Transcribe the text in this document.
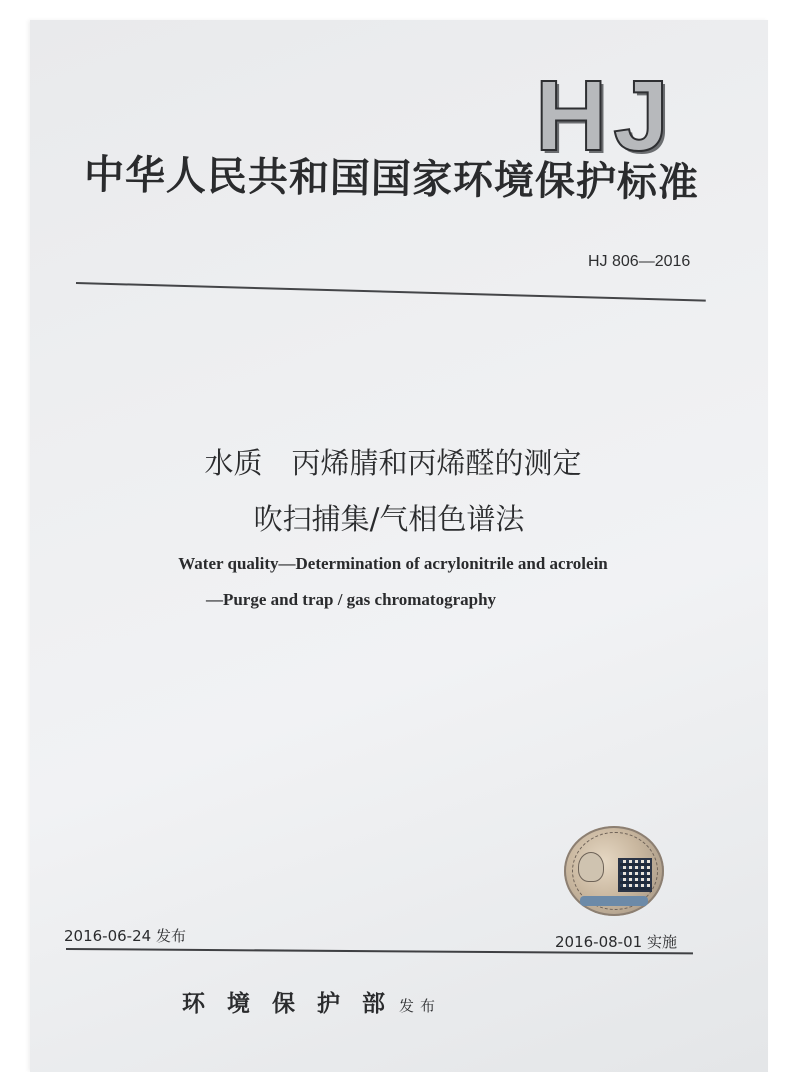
HJ
中华人民共和国国家环境保护标准
HJ 806—2016
水质　丙烯腈和丙烯醛的测定
吹扫捕集/气相色谱法
Water quality—Determination of acrylonitrile and acrolein
—Purge and trap / gas chromatography
2016-06-24 发布	2016-08-01 实施
环境保护部发布
